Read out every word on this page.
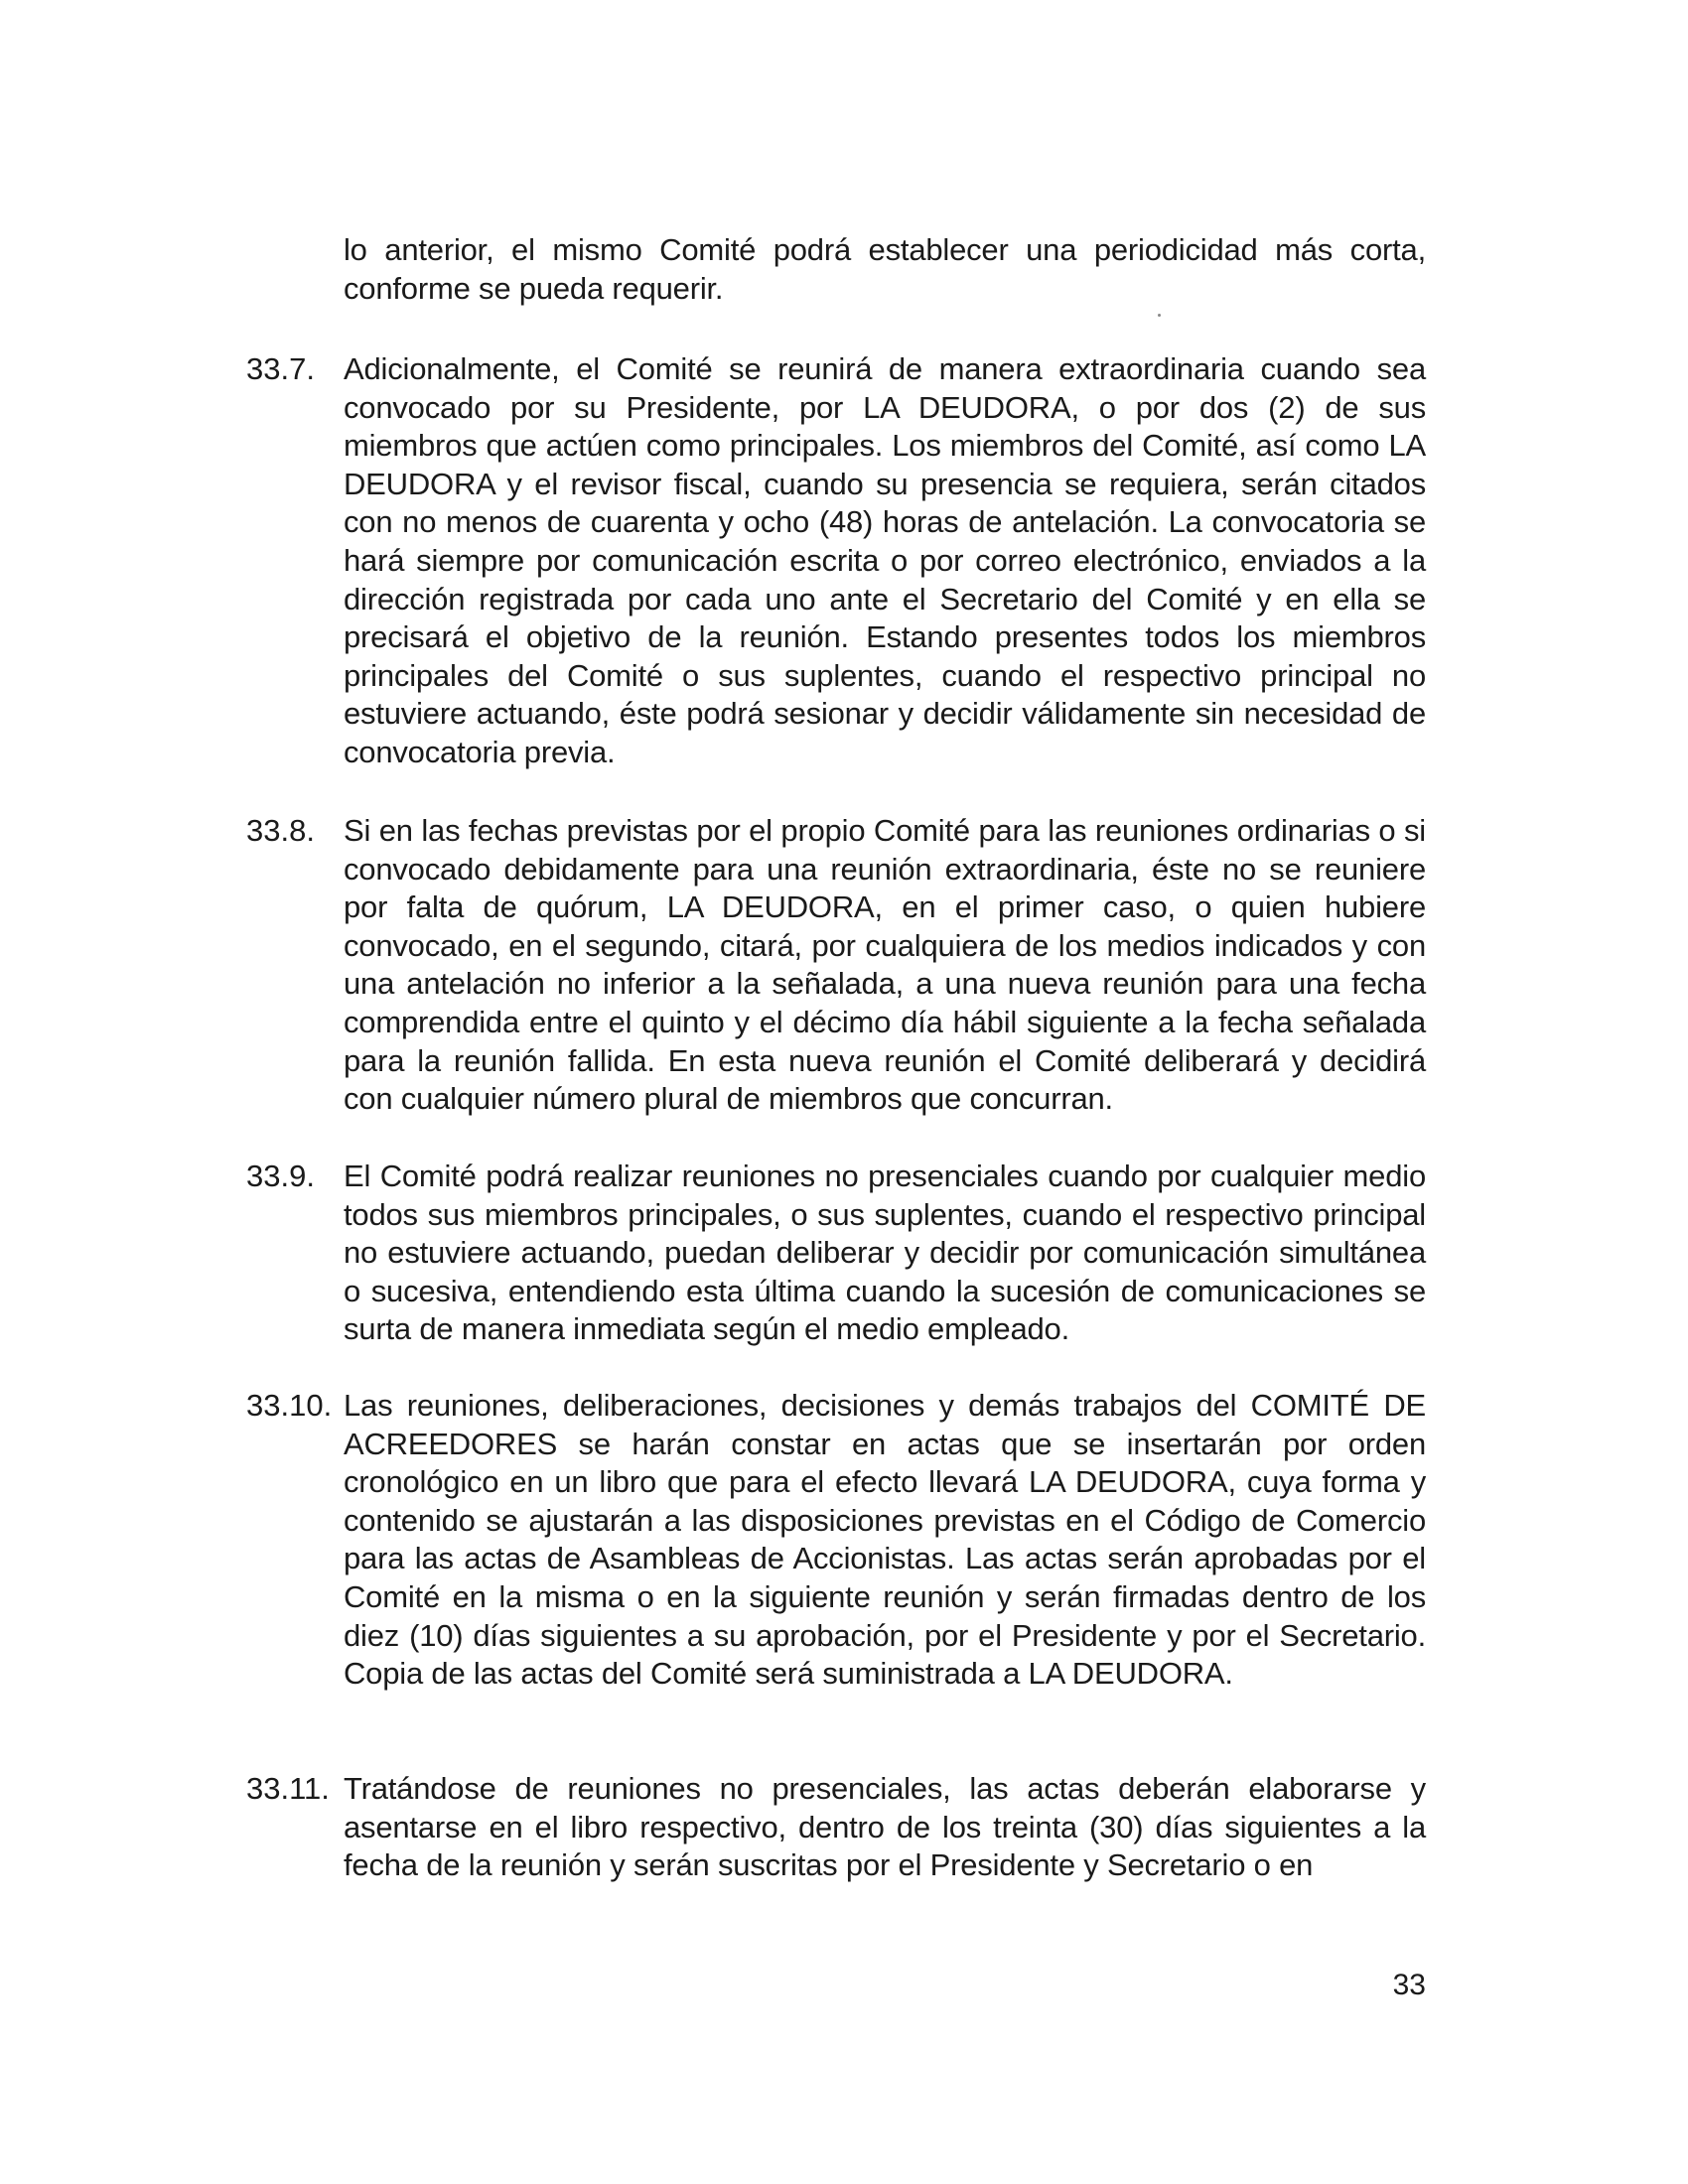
lo anterior, el mismo Comité podrá establecer una periodicidad más corta, conforme se pueda requerir.

33.7. Adicionalmente, el Comité se reunirá de manera extraordinaria cuando sea convocado por su Presidente, por LA DEUDORA, o por dos (2) de sus miembros que actúen como principales. Los miembros del Comité, así como LA DEUDORA y el revisor fiscal, cuando su presencia se requiera, serán citados con no menos de cuarenta y ocho (48) horas de antelación. La convocatoria se hará siempre por comunicación escrita o por correo electrónico, enviados a la dirección registrada por cada uno ante el Secretario del Comité y en ella se precisará el objetivo de la reunión. Estando presentes todos los miembros principales del Comité o sus suplentes, cuando el respectivo principal no estuviere actuando, éste podrá sesionar y decidir válidamente sin necesidad de convocatoria previa.
33.8. Si en las fechas previstas por el propio Comité para las reuniones ordinarias o si convocado debidamente para una reunión extraordinaria, éste no se reuniere por falta de quórum, LA DEUDORA, en el primer caso, o quien hubiere convocado, en el segundo, citará, por cualquiera de los medios indicados y con una antelación no inferior a la señalada, a una nueva reunión para una fecha comprendida entre el quinto y el décimo día hábil siguiente a la fecha señalada para la reunión fallida. En esta nueva reunión el Comité deliberará y decidirá con cualquier número plural de miembros que concurran.
33.9. El Comité podrá realizar reuniones no presenciales cuando por cualquier medio todos sus miembros principales, o sus suplentes, cuando el respectivo principal no estuviere actuando, puedan deliberar y decidir por comunicación simultánea o sucesiva, entendiendo esta última cuando la sucesión de comunicaciones se surta de manera inmediata según el medio empleado.
33.10. Las reuniones, deliberaciones, decisiones y demás trabajos del COMITÉ DE ACREEDORES se harán constar en actas que se insertarán por orden cronológico en un libro que para el efecto llevará LA DEUDORA, cuya forma y contenido se ajustarán a las disposiciones previstas en el Código de Comercio para las actas de Asambleas de Accionistas. Las actas serán aprobadas por el Comité en la misma o en la siguiente reunión y serán firmadas dentro de los diez (10) días siguientes a su aprobación, por el Presidente y por el Secretario. Copia de las actas del Comité será suministrada a LA DEUDORA.
33.11. Tratándose de reuniones no presenciales, las actas deberán elaborarse y asentarse en el libro respectivo, dentro de los treinta (30) días siguientes a la fecha de la reunión y serán suscritas por el Presidente y Secretario o en
33
